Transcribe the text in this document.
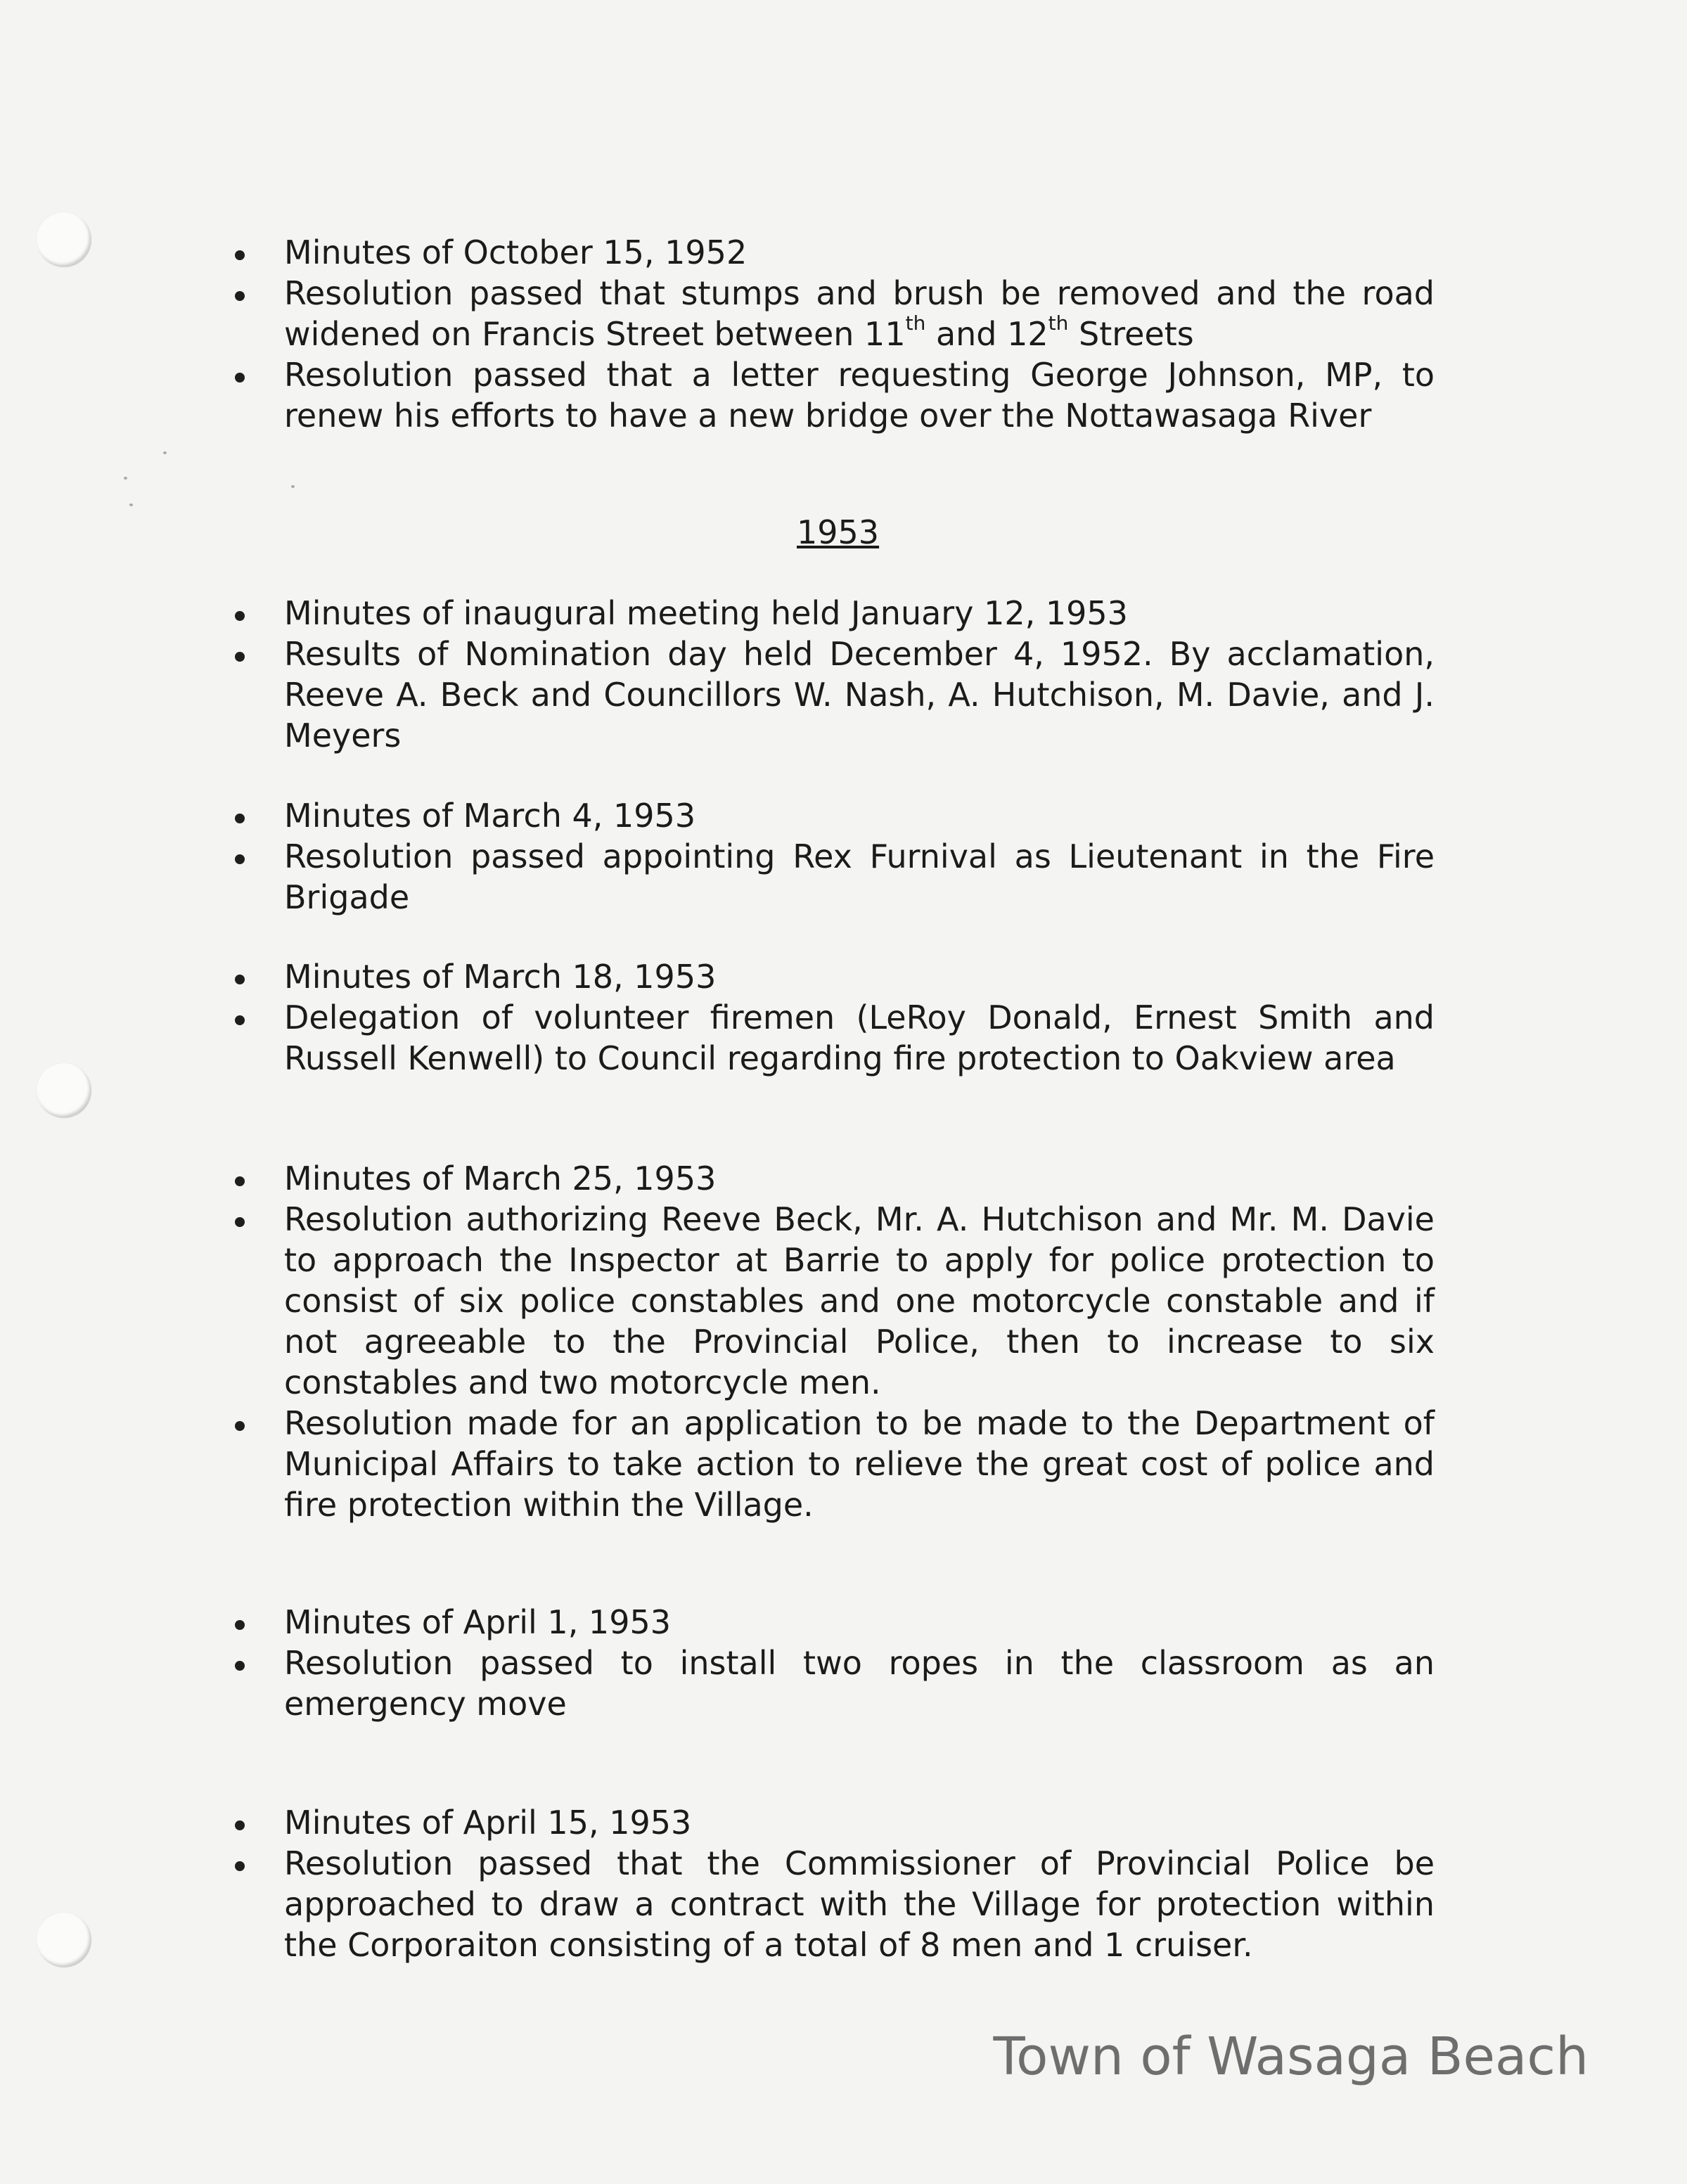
Minutes of October 15, 1952
Resolution passed that stumps and brush be removed and the road widened on Francis Street between 11th and 12th Streets
Resolution passed that a letter requesting George Johnson, MP, to renew his efforts to have a new bridge over the Nottawasaga River
1953
Minutes of inaugural meeting held January 12, 1953
Results of Nomination day held December 4, 1952. By acclamation, Reeve A. Beck and Councillors W. Nash, A. Hutchison, M. Davie, and J. Meyers
Minutes of March 4, 1953
Resolution passed appointing Rex Furnival as Lieutenant in the Fire Brigade
Minutes of March 18, 1953
Delegation of volunteer firemen (LeRoy Donald, Ernest Smith and Russell Kenwell) to Council regarding fire protection to Oakview area
Minutes of March 25, 1953
Resolution authorizing Reeve Beck, Mr. A. Hutchison and Mr. M. Davie to approach the Inspector at Barrie to apply for police protection to consist of six police constables and one motorcycle constable and if not agreeable to the Provincial Police, then to increase to six constables and two motorcycle men.
Resolution made for an application to be made to the Department of Municipal Affairs to take action to relieve the great cost of police and fire protection within the Village.
Minutes of April 1, 1953
Resolution passed to install two ropes in the classroom as an emergency move
Minutes of April 15, 1953
Resolution passed that the Commissioner of Provincial Police be approached to draw a contract with the Village for protection within the Corporaiton consisting of a total of 8 men and 1 cruiser.
Town of Wasaga Beach
